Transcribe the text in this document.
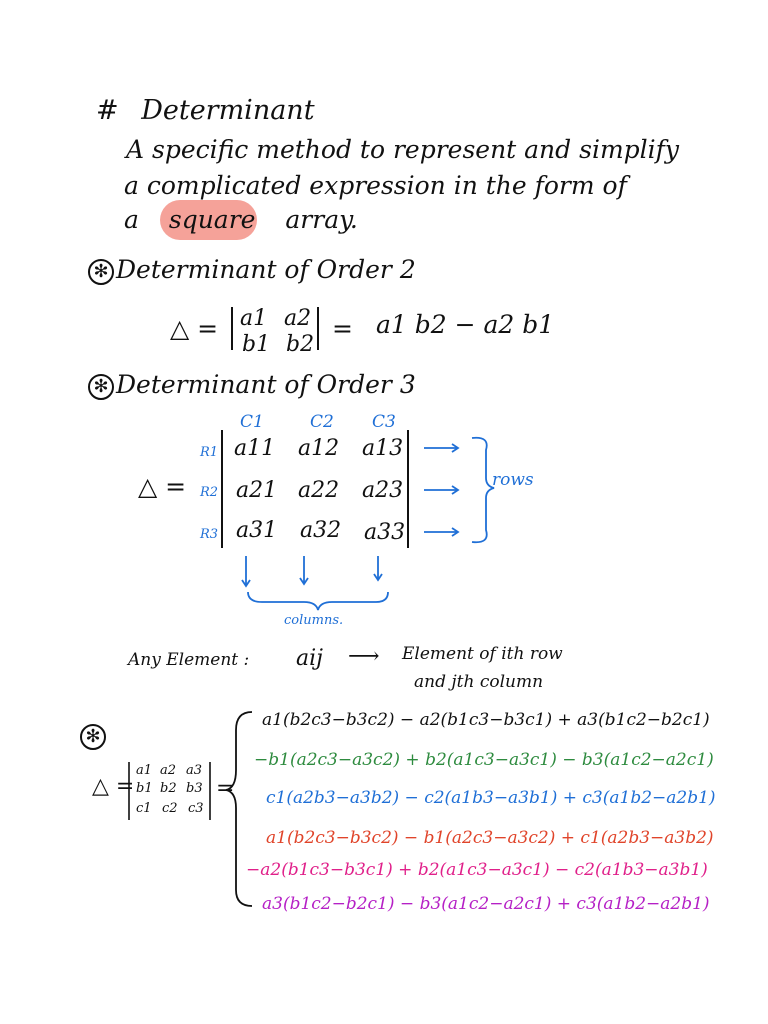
# Determinant
A specific method to represent and simplify
a complicated expression in the form of
a square array.
✻ Determinant of Order 2
△ = a1 a2
b1 b2
= a1 b2 − a2 b1
✻ Determinant of Order 3
C1	C2 C3
R1
R2
R3
△ =
a11 a12 a13
a21 a22 a23
a31 a32 a33
rows
columns.
Any Element : aij ⟶ Element of ith row
and jth column
✻
△ =
a1 a2 a3
b1 b2 b3
c1 c2 c3
=
a1(b2c3−b3c2) − a2(b1c3−b3c1) + a3(b1c2−b2c1)
−b1(a2c3−a3c2) + b2(a1c3−a3c1) − b3(a1c2−a2c1)
c1(a2b3−a3b2) − c2(a1b3−a3b1) + c3(a1b2−a2b1)
a1(b2c3−b3c2) − b1(a2c3−a3c2) + c1(a2b3−a3b2)
−a2(b1c3−b3c1) + b2(a1c3−a3c1) − c2(a1b3−a3b1)
a3(b1c2−b2c1) − b3(a1c2−a2c1) + c3(a1b2−a2b1)
